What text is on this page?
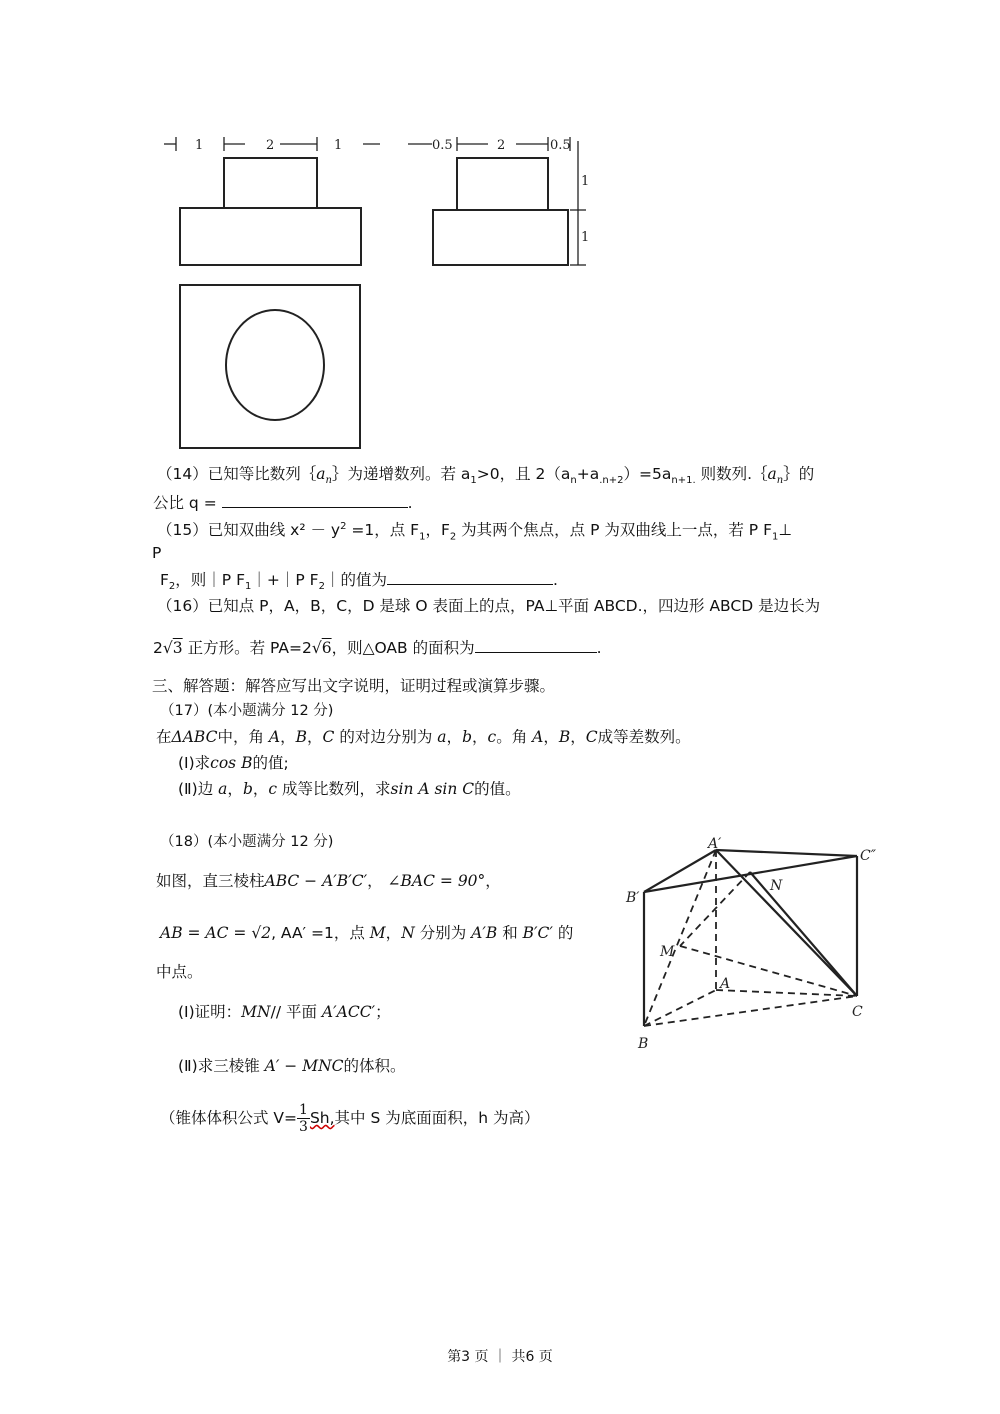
1	2	1	0.5	2	0.5
1
1
（14）已知等比数列$\{a_n\}$为递增数列。若 $a_1>0$，且 $2(a_n+a_{.n+2})=5a_{n+1.}$ 则数列$.\{a_n\}$的
公比 q =	.
（15）已知双曲线 $x^2 - y^2 =1$，点 $F_1$，$F_2$ 为其两个焦点，点 P 为双曲线上一点，若 P $F_1\perp$
P
$F_2$，则｜P $F_1|+|P$ $F_2|$的值为	.
（16）已知点 P，A，B，C，D 是球 O 表面上的点，PA⊥平面 ABCD.，四边形 ABCD 是边长为
2√3 正方形。若 PA=2√6，则△OAB 的面积为	.
三、解答题：解答应写出文字说明，证明过程或演算步骤。
（17）(本小题满分 12 分)
在ΔABC中，角 A，B，C 的对边分别为 a，b，c。角 A，B，C成等差数列。
(Ⅰ)求cos B的值;
(Ⅱ)边 a，b，c 成等比数列，求sin A sin C的值。
（18）(本小题满分 12 分)
如图，直三棱柱ABC − A′B′C′， ∠BAC = 90°，
AB = AC = √2, AA′ =1，点 M，N 分别为 A′B 和 B′C′ 的
中点。
(Ⅰ)证明：MN// 平面 A′ACC′；
(Ⅱ)求三棱锥 A′ − MNC的体积。
（锥体体积公式 $V= \frac{1}{3} Sh$,其中 S 为底面面积，h 为高）
A′
C″
B′
N
M
A
C
B
第3 页 ｜ 共6 页
